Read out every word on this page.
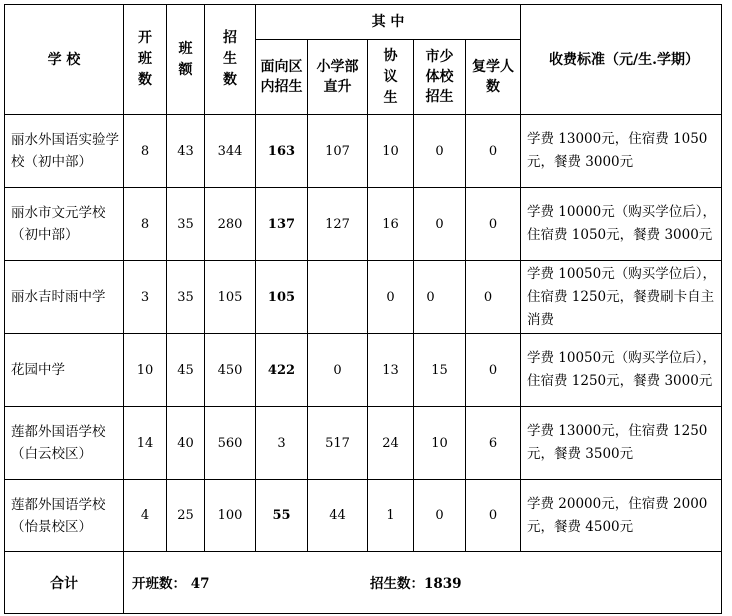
学 校	开班数	班额	招生数	其 中					收费标准（元/生.学期）
				面向区内招生	小学部直升	协议生	市少体校招生	复学人数	
丽水外国语实验学校（初中部）	8	43	344	163	107	10	0	0	学费 13000元，住宿费 1050元，餐费 3000元
丽水市文元学校（初中部）	8	35	280	137	127	16	0	0	学费 10000元（购买学位后），住宿费 1050元，餐费 3000元
丽水吉时雨中学	3	35	105	105		0	0	0	学费 10050元（购买学位后），住宿费 1250元，餐费刷卡自主消费
花园中学	10	45	450	422	0	13	15	0	学费 10050元（购买学位后），住宿费 1250元，餐费 3000元
莲都外国语学校（白云校区）	14	40	560	3	517	24	10	6	学费 13000元，住宿费 1250元，餐费 3500元
莲都外国语学校（怡景校区）	4	25	100	55	44	1	0	0	学费 20000元，住宿费 2000元，餐费 4500元
合计	开班数： 47 招生数：1839								
